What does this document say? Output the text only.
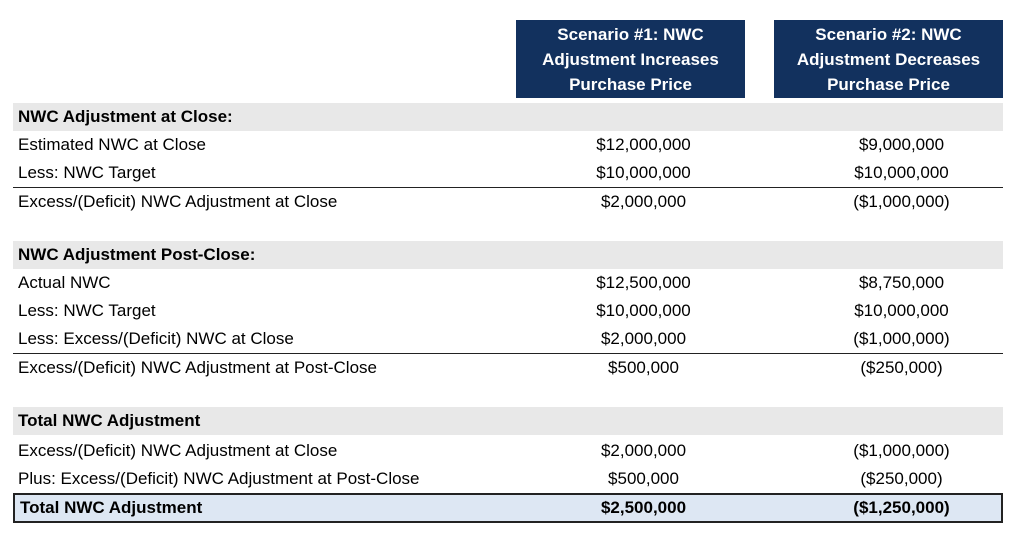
Scenario #1: NWC Adjustment Increases Purchase Price
Scenario #2: NWC Adjustment Decreases Purchase Price
NWC Adjustment at Close:
Estimated NWC at Close	$12,000,000	$9,000,000
Less: NWC Target	$10,000,000	$10,000,000
Excess/(Deficit) NWC Adjustment at Close	$2,000,000	($1,000,000)
NWC Adjustment Post-Close:
Actual NWC	$12,500,000	$8,750,000
Less: NWC Target	$10,000,000	$10,000,000
Less: Excess/(Deficit) NWC at Close	$2,000,000	($1,000,000)
Excess/(Deficit) NWC Adjustment at Post-Close	$500,000	($250,000)
Total NWC Adjustment
Excess/(Deficit) NWC Adjustment at Close	$2,000,000	($1,000,000)
Plus: Excess/(Deficit) NWC Adjustment at Post-Close	$500,000	($250,000)
Total NWC Adjustment	$2,500,000	($1,250,000)
